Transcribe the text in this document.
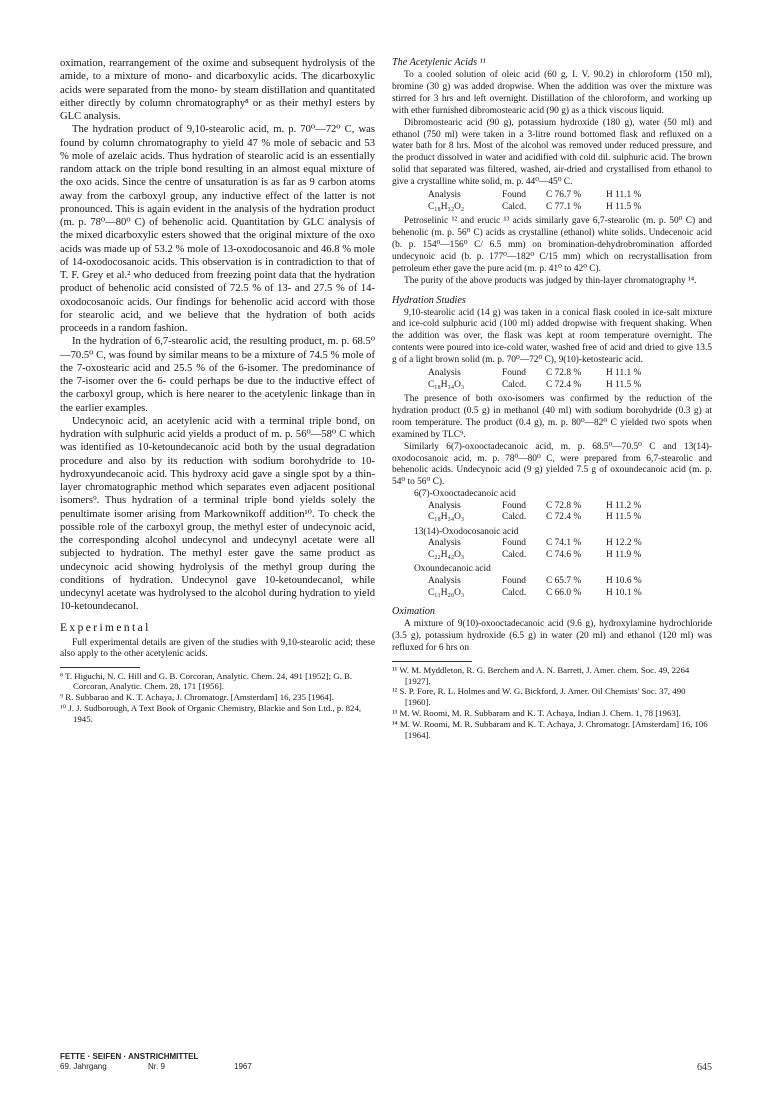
oximation, rearrangement of the oxime and subsequent hydrolysis of the amide, to a mixture of mono- and dicarboxylic acids. The dicarboxylic acids were separated from the mono- by steam distillation and quantitated either directly by column chromatography⁸ or as their methyl esters by GLC analysis.

The hydration product of 9,10-stearolic acid, m. p. 70⁰—72⁰ C, was found by column chromatography to yield 47 % mole of sebacic and 53 % mole of azelaic acids. Thus hydration of stearolic acid is an essentially random attack on the triple bond resulting in an almost equal mixture of the oxo acids. Since the centre of unsaturation is as far as 9 carbon atoms away from the carboxyl group, any inductive effect of the latter is not pronounced. This is again evident in the analysis of the hydration product (m. p. 78⁰—80⁰ C) of behenolic acid. Quantitation by GLC analysis of the mixed dicarboxylic esters showed that the original mixture of the oxo acids was made up of 53.2 % mole of 13-oxodocosanoic and 46.8 % mole of 14-oxodocosanoic acids. This observation is in contradiction to that of T. F. Grey et al.² who deduced from freezing point data that the hydration product of behenolic acid consisted of 72.5 % of 13- and 27.5 % of 14-oxodocosanoic acids. Our findings for behenolic acid accord with those for stearolic acid, and we believe that the hydration of both acids proceeds in a random fashion.

In the hydration of 6,7-stearolic acid, the resulting product, m. p. 68.5⁰—70.5⁰ C, was found by similar means to be a mixture of 74.5 % mole of the 7-oxostearic acid and 25.5 % of the 6-isomer. The predominance of the 7-isomer over the 6- could perhaps be due to the inductive effect of the carboxyl group, which is here nearer to the acetylenic linkage than in the earlier examples.

Undecynoic acid, an acetylenic acid with a terminal triple bond, on hydration with sulphuric acid yields a product of m. p. 56⁰—58⁰ C which was identified as 10-ketoundecanoic acid both by the usual degradation procedure and also by its reduction with sodium borohydride to 10-hydroxyundecanoic acid. This hydroxy acid gave a single spot by a thin-layer chromatographic method which separates even adjacent positional isomers⁹. Thus hydration of a terminal triple bond yields solely the penultimate isomer arising from Markownikoff addition¹⁰. To check the possible role of the carboxyl group, the methyl ester of undecynoic acid, the corresponding alcohol undecynol and undecynyl acetate were all subjected to hydration. The methyl ester gave the same product as undecynoic acid showing hydrolysis of the methyl group during the conditions of hydration. Undecynol gave 10-ketoundecanol, while undecynyl acetate was hydrolysed to the alcohol during hydration to yield 10-ketoundecanol.

Experimental

Full experimental details are given of the studies with 9,10-stearolic acid; these also apply to the other acetylenic acids.

⁸ T. Higuchi, N. C. Hill and G. B. Corcoran, Analytic. Chem. 24, 491 [1952]; G. B. Corcoran, Analytic. Chem. 28, 171 [1956].

⁹ R. Subbarao and K. T. Achaya, J. Chromatogr. [Amsterdam] 16, 235 [1964].

¹⁰ J. J. Sudborough, A Text Book of Organic Chemistry, Blackie and Son Ltd., p. 824, 1945.

The Acetylenic Acids ¹¹

To a cooled solution of oleic acid (60 g, I. V. 90.2) in chloroform (150 ml), bromine (30 g) was added dropwise. When the addition was over the mixture was stirred for 3 hrs and left overnight. Distillation of the chloroform, and working up with ether furnished dibromostearic acid (90 g) as a thick viscous liquid.

Dibromostearic acid (90 g), potassium hydroxide (180 g), water (50 ml) and ethanol (750 ml) were taken in a 3-litre round bottomed flask and refluxed on a water bath for 8 hrs. Most of the alcohol was removed under reduced pressure, and the product dissolved in water and acidified with cold dil. sulphuric acid. The brown solid that separated was filtered, washed, air-dried and crystallised from ethanol to give a crystalline white solid, m. p. 44⁰—45⁰ C.

Analysis	Found	C 76.7 %	H 11.1 %
C₁₈H₃₂O₂	Calcd.	C 77.1 %	H 11.5 %

Petroselinic ¹² and erucic ¹³ acids similarly gave 6,7-stearolic (m. p. 50⁰ C) and behenolic (m. p. 56⁰ C) acids as crystalline (ethanol) white solids. Undecenoic acid (b. p. 154⁰—156⁰ C/ 6.5 mm) on bromination-dehydrobromination afforded undecynoic acid (b. p. 177⁰—182⁰ C/15 mm) which on recrystallisation from petroleum ether gave the pure acid (m. p. 41⁰ to 42⁰ C).

The purity of the above products was judged by thin-layer chromatography ¹⁴.

Hydration Studies

9,10-stearolic acid (14 g) was taken in a conical flask cooled in ice-salt mixture and ice-cold sulphuric acid (100 ml) added dropwise with frequent shaking. When the addition was over, the flask was kept at room temperature overnight. The contents were poured into ice-cold water, washed free of acid and dried to give 13.5 g of a light brown solid (m. p. 70⁰—72⁰ C), 9(10)-ketostearic acid.

Analysis	Found	C 72.8 %	H 11.1 %
C₁₈H₃₄O₃	Calcd.	C 72.4 %	H 11.5 %

The presence of both oxo-isomers was confirmed by the reduction of the hydration product (0.5 g) in methanol (40 ml) with sodium borohydride (0.3 g) at room temperature. The product (0.4 g), m. p. 80⁰—82⁰ C yielded two spots when examined by TLC⁹.

Similarly 6(7)-oxooctadecanoic acid, m. p. 68.5⁰—70.5⁰ C and 13(14)-oxodocosanoic acid, m. p. 78⁰—80⁰ C, were prepared from 6,7-stearolic and behenolic acids. Undecynoic acid (9 g) yielded 7.5 g of oxoundecanoic acid (m. p. 54⁰ to 56⁰ C).

6(7)-Oxooctadecanoic acid
Analysis	Found	C 72.8 %	H 11.2 %
C₁₈H₃₄O₃	Calcd.	C 72.4 %	H 11.5 %
13(14)-Oxodocosanoic acid
Analysis	Found	C 74.1 %	H 12.2 %
C₂₂H₄₂O₃	Calcd.	C 74.6 %	H 11.9 %
Oxoundecanoic acid
Analysis	Found	C 65.7 %	H 10.6 %
C₁₁H₂₀O₃	Calcd.	C 66.0 %	H 10.1 %
Oximation

A mixture of 9(10)-oxooctadecanoic acid (9.6 g), hydroxylamine hydrochloride (3.5 g), potassium hydroxide (6.5 g) in water (20 ml) and ethanol (120 ml) was refluxed for 6 hrs on

¹¹ W. M. Myddleton, R. G. Berchem and A. N. Barrett, J. Amer. chem. Soc. 49, 2264 [1927].

¹² S. P. Fore, R. L. Holmes and W. G. Bickford, J. Amer. Oil Chemists' Soc. 37, 490 [1960].

¹³ M. W. Roomi, M. R. Subbaram and K. T. Achaya, Indian J. Chem. 1, 78 [1963].

¹⁴ M. W. Roomi, M. R. Subbaram and K. T. Achaya, J. Chromatogr. [Amsterdam] 16, 106 [1964].

FETTE · SEIFEN · ANSTRICHMITTEL
69. Jahrgang	Nr. 9	1967	645
